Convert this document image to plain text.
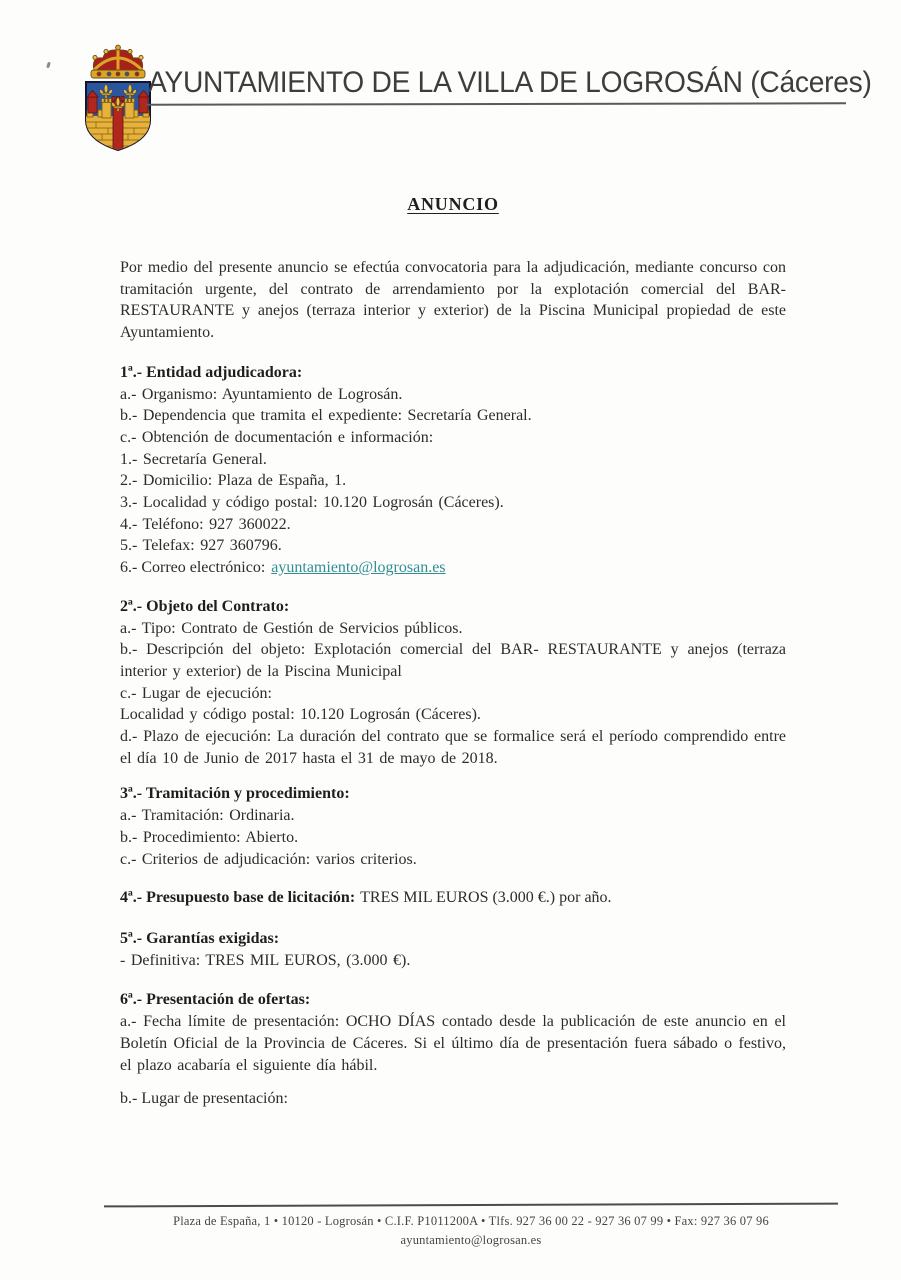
AYUNTAMIENTO DE LA VILLA DE LOGROSÁN (Cáceres)
ANUNCIO

Por medio del presente anuncio se efectúa convocatoria para la adjudicación, mediante concurso con tramitación urgente, del contrato de arrendamiento por la explotación comercial del BAR- RESTAURANTE y anejos (terraza interior y exterior) de la Piscina Municipal propiedad de este Ayuntamiento.

1ª.- Entidad adjudicadora:

a.- Organismo: Ayuntamiento de Logrosán.

b.- Dependencia que tramita el expediente: Secretaría General.

c.- Obtención de documentación e información:

1.- Secretaría General.

2.- Domicilio: Plaza de España, 1.

3.- Localidad y código postal: 10.120 Logrosán (Cáceres).

4.- Teléfono: 927 360022.

5.- Telefax: 927 360796.

6.- Correo electrónico: ayuntamiento@logrosan.es

2ª.- Objeto del Contrato:

a.- Tipo: Contrato de Gestión de Servicios públicos.

b.- Descripción del objeto: Explotación comercial del BAR- RESTAURANTE y anejos (terraza interior y exterior) de la Piscina Municipal

c.- Lugar de ejecución:

Localidad y código postal: 10.120 Logrosán (Cáceres).

d.- Plazo de ejecución: La duración del contrato que se formalice será el período comprendido entre el día 10 de Junio de 2017 hasta el 31 de mayo de 2018.

3ª.- Tramitación y procedimiento:

a.- Tramitación: Ordinaria.

b.- Procedimiento: Abierto.

c.- Criterios de adjudicación: varios criterios.

4ª.- Presupuesto base de licitación: TRES MIL EUROS (3.000 €.) por año.

5ª.- Garantías exigidas:

- Definitiva: TRES MIL EUROS, (3.000 €).

6ª.- Presentación de ofertas:

a.- Fecha límite de presentación: OCHO DÍAS contado desde la publicación de este anuncio en el Boletín Oficial de la Provincia de Cáceres. Si el último día de presentación fuera sábado o festivo, el plazo acabaría el siguiente día hábil.

b.- Lugar de presentación:

Plaza de España, 1 • 10120 - Logrosán • C.I.F. P1011200A • Tlfs. 927 36 00 22 - 927 36 07 99 • Fax: 927 36 07 96
ayuntamiento@logrosan.es
